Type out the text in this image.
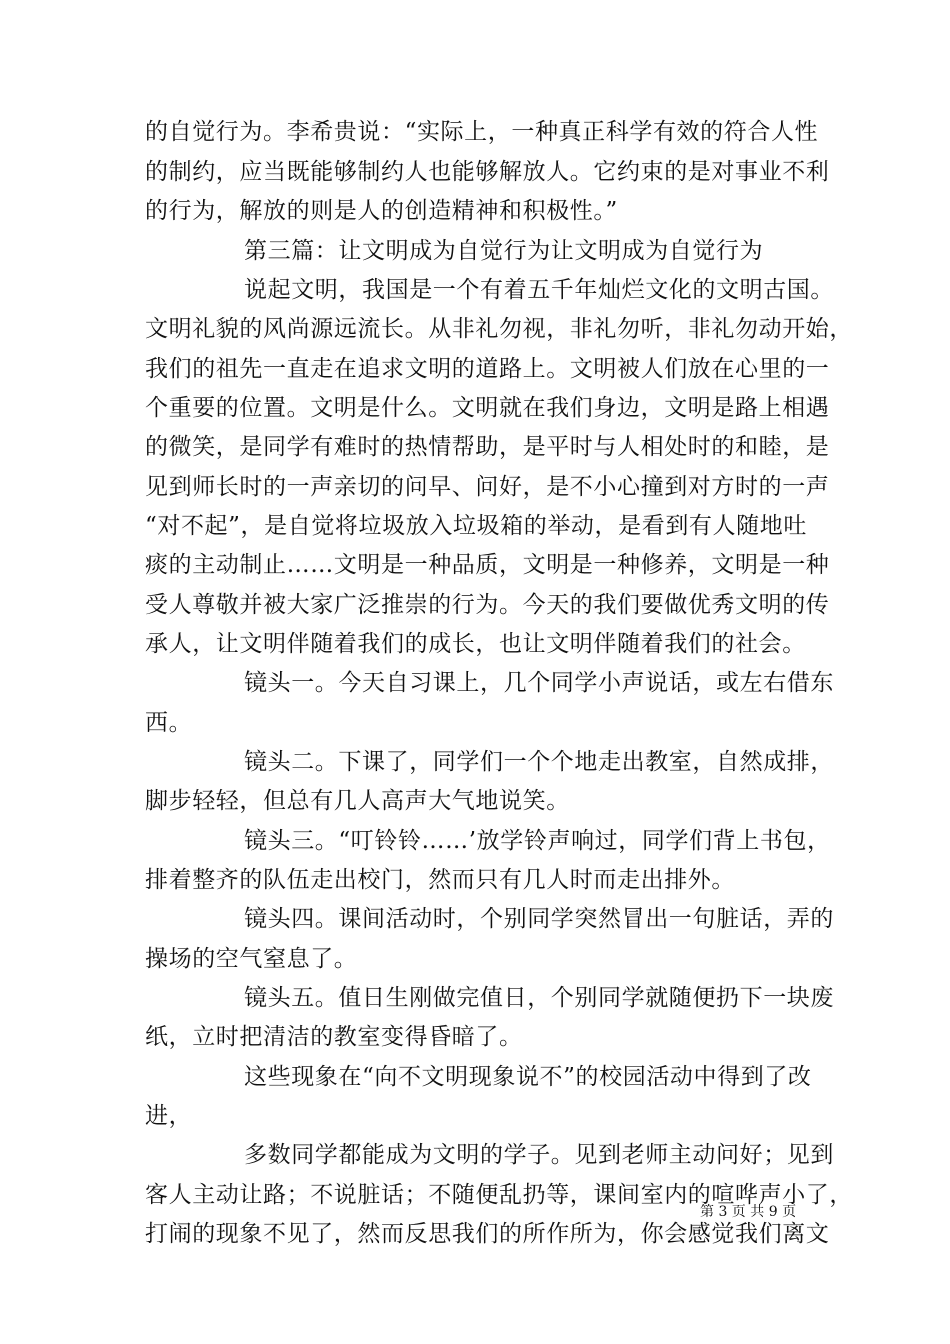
的自觉行为。李希贵说：“实际上，一种真正科学有效的符合人性
的制约，应当既能够制约人也能够解放人。它约束的是对事业不利
的行为，解放的则是人的创造精神和积极性。”
第三篇：让文明成为自觉行为让文明成为自觉行为
说起文明，我国是一个有着五千年灿烂文化的文明古国。
文明礼貌的风尚源远流长。从非礼勿视，非礼勿听，非礼勿动开始，
我们的祖先一直走在追求文明的道路上。文明被人们放在心里的一
个重要的位置。文明是什么。文明就在我们身边，文明是路上相遇
的微笑，是同学有难时的热情帮助，是平时与人相处时的和睦，是
见到师长时的一声亲切的问早、问好，是不小心撞到对方时的一声
“对不起”，是自觉将垃圾放入垃圾箱的举动，是看到有人随地吐
痰的主动制止……文明是一种品质，文明是一种修养，文明是一种
受人尊敬并被大家广泛推崇的行为。今天的我们要做优秀文明的传
承人，让文明伴随着我们的成长，也让文明伴随着我们的社会。
镜头一。今天自习课上，几个同学小声说话，或左右借东
西。
镜头二。下课了，同学们一个个地走出教室，自然成排，
脚步轻轻，但总有几人高声大气地说笑。
镜头三。“叮铃铃……’放学铃声响过，同学们背上书包，
排着整齐的队伍走出校门，然而只有几人时而走出排外。
镜头四。课间活动时，个别同学突然冒出一句脏话，弄的
操场的空气窒息了。
镜头五。值日生刚做完值日，个别同学就随便扔下一块废
纸，立时把清洁的教室变得昏暗了。
这些现象在“向不文明现象说不”的校园活动中得到了改
进，
多数同学都能成为文明的学子。见到老师主动问好；见到
客人主动让路；不说脏话；不随便乱扔等，课间室内的喧哗声小了，
打闹的现象不见了，然而反思我们的所作所为，你会感觉我们离文
第 3 页 共 9 页
